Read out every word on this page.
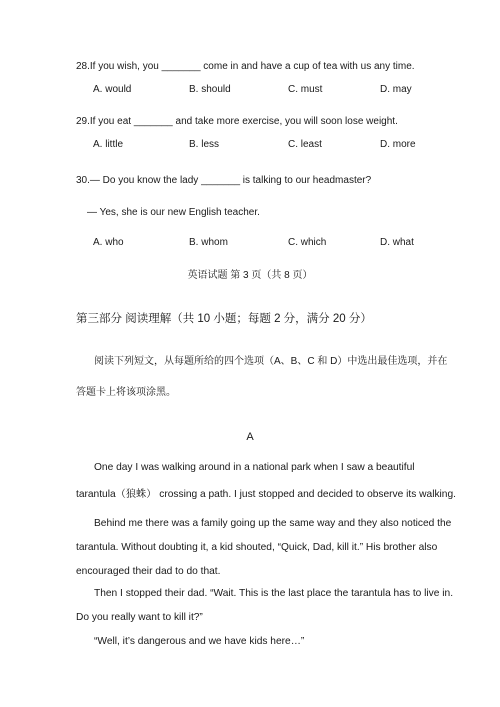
28.If you wish, you _______ come in and have a cup of tea with us any time.
A. would	B. should	C. must	D. may
29.If you eat _______ and take more exercise, you will soon lose weight.
A. little	B. less	C. least	D. more
30.— Do you know the lady _______ is talking to our headmaster?
— Yes, she is our new English teacher.
A. who	B. whom	C. which	D. what
英语试题 第 3 页（共 8 页）
第三部分 阅读理解（共 10 小题；每题 2 分，满分 20 分）
阅读下列短文，从每题所给的四个选项（A、B、C 和 D）中选出最佳选项，并在
答题卡上将该项涂黑。
A
One day I was walking around in a national park when I saw a beautiful
tarantula（狼蛛） crossing a path. I just stopped and decided to observe its walking.
Behind me there was a family going up the same way and they also noticed the
tarantula. Without doubting it, a kid shouted, “Quick, Dad, kill it.” His brother also
encouraged their dad to do that.
Then I stopped their dad. “Wait. This is the last place the tarantula has to live in.
Do you really want to kill it?”
“Well, it’s dangerous and we have kids here…”
